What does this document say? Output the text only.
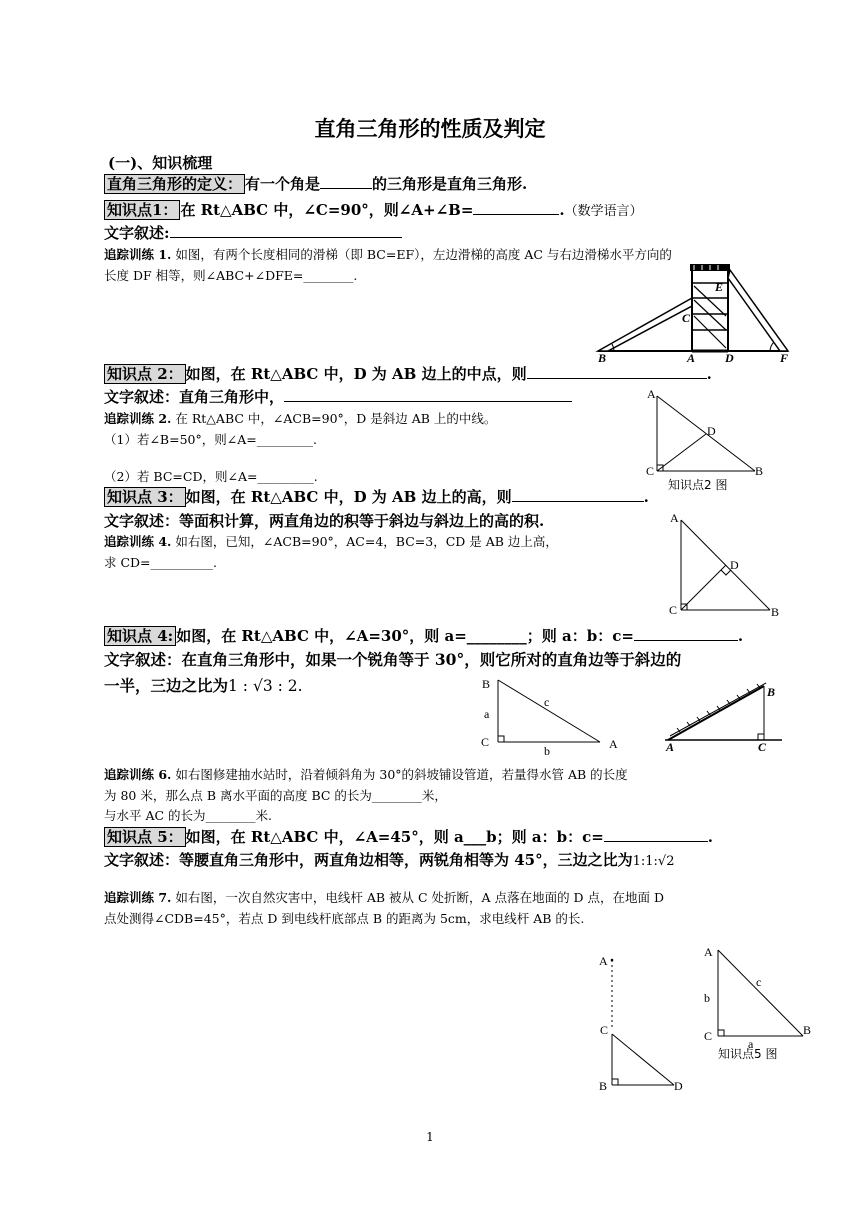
直角三角形的性质及判定
(一)、知识梳理
直角三角形的定义： 有一个角是	的三角形是直角三角形.
知识点1： 在 Rt△ABC 中，∠C=90°，则∠A+∠B=	.（数学语言）
文字叙述:
追踪训练 1. 如图，有两个长度相同的滑梯（即 BC=EF），左边滑梯的高度 AC 与右边滑梯水平方向的
长度 DF 相等，则∠ABC+∠DFE=________.
B	A D	F
C
E
知识点 2： 如图，在 Rt△ABC 中，D 为 AB 边上的中点，则	.
文字叙述：直角三角形中，
追踪训练 2. 在 Rt△ABC 中，∠ACB=90°，D 是斜边 AB 上的中线。
（1）若∠B=50°，则∠A=_________.
（2）若 BC=CD，则∠A=_________.
A
D
C	B
知识点2 图
知识点 3： 如图，在 Rt△ABC 中，D 为 AB 边上的高，则	.
文字叙述：等面积计算，两直角边的积等于斜边与斜边上的高的积.
追踪训练 4. 如右图，已知，∠ACB=90°，AC=4，BC=3，CD 是 AB 边上高，
求 CD=__________.
A
D
C	B
知识点 4: 如图，在 Rt△ABC 中，∠A=30°，则 a=________；则 a：b：c=	.
文字叙述：在直角三角形中，如果一个锐角等于 30°，则它所对的直角边等于斜边的
一半，三边之比为1 : √3 : 2.	B
a
c
C
b	A	A	C
B
追踪训练 6. 如右图修建抽水站时，沿着倾斜角为 30°的斜坡铺设管道，若量得水管 AB 的长度
为 80 米，那么点 B 离水平面的高度 BC 的长为________米，
与水平 AC 的长为________米.
知识点 5： 如图，在 Rt△ABC 中，∠A=45°，则 a___b；则 a：b：c=	.
文字叙述：等腰直角三角形中，两直角边相等，两锐角相等为 45°，三边之比为1:1:√2
追踪训练 7. 如右图，一次自然灾害中，电线杆 AB 被从 C 处折断，A 点落在地面的 D 点，在地面 D
点处测得∠CDB=45°，若点 D 到电线杆底部点 B 的距离为 5cm，求电线杆 AB 的长.
A
C
B	D
A
b
c
C	B
a
知识点5 图
1
